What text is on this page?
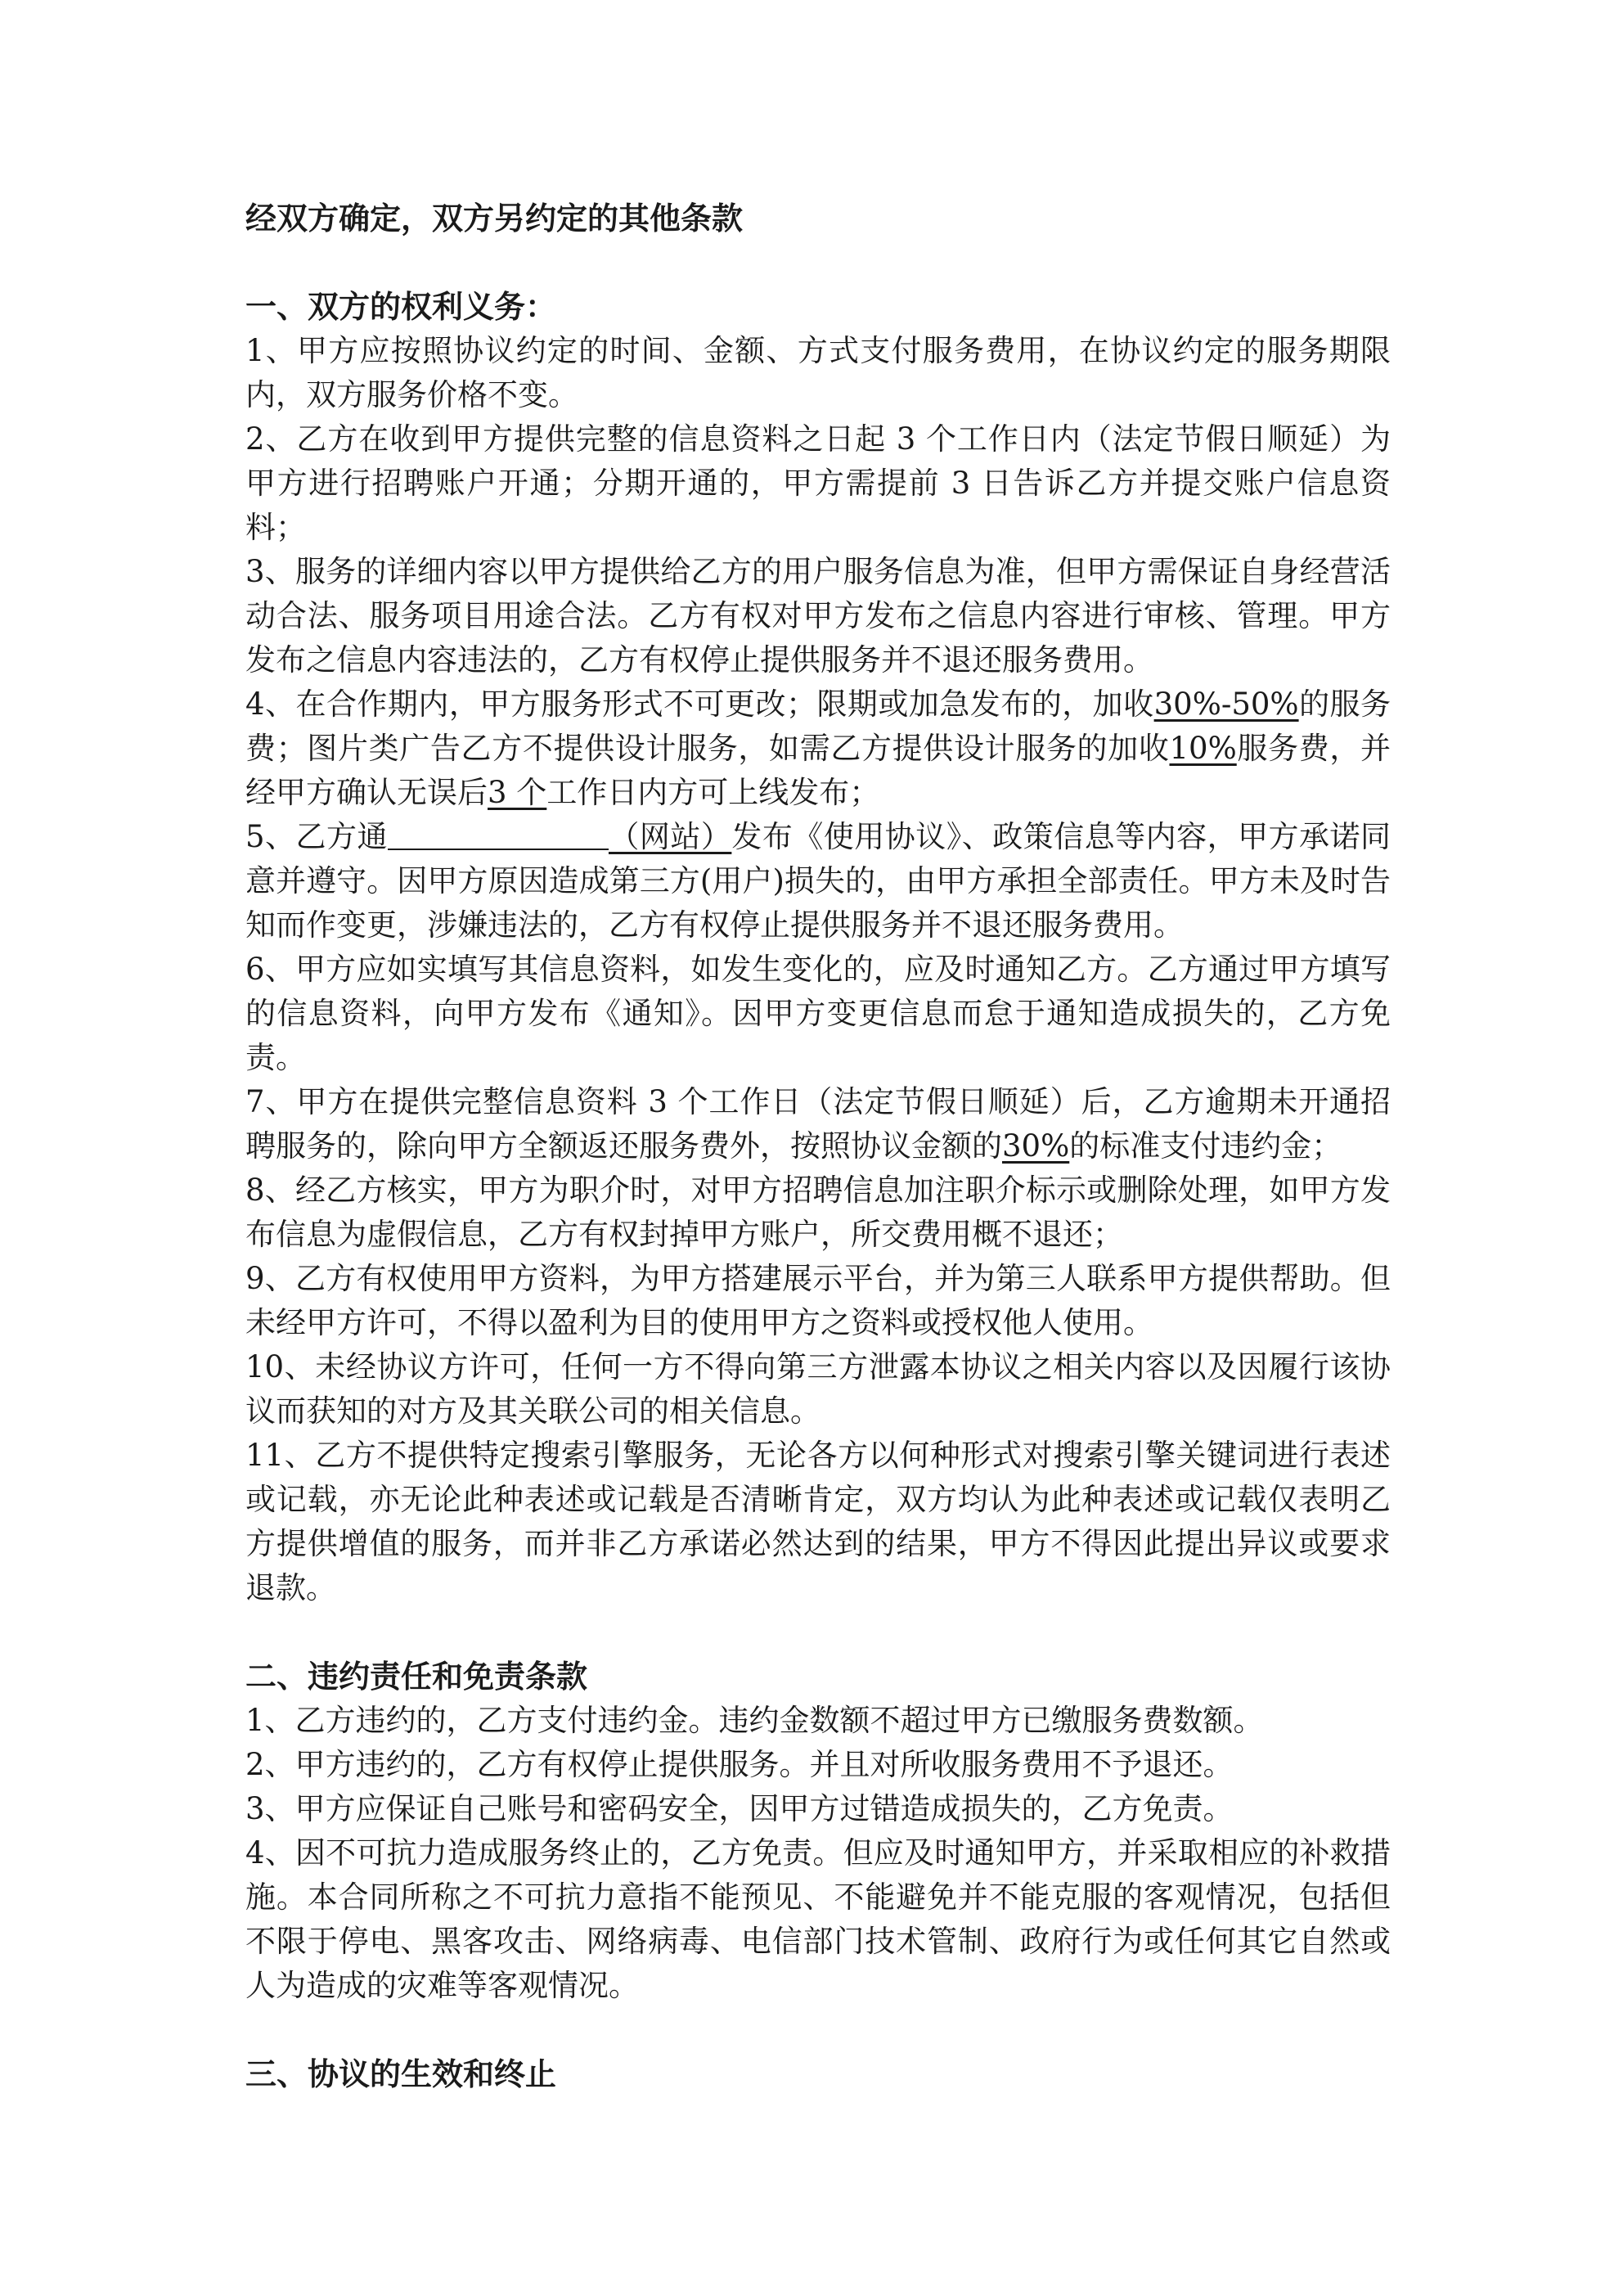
经双方确定，双方另约定的其他条款
一、双方的权利义务：

1、甲方应按照协议约定的时间、金额、方式支付服务费用，在协议约定的服务期限内，双方服务价格不变。

2、乙方在收到甲方提供完整的信息资料之日起 3 个工作日内（法定节假日顺延）为甲方进行招聘账户开通；分期开通的，甲方需提前 3 日告诉乙方并提交账户信息资料；

3、服务的详细内容以甲方提供给乙方的用户服务信息为准，但甲方需保证自身经营活动合法、服务项目用途合法。乙方有权对甲方发布之信息内容进行审核、管理。甲方发布之信息内容违法的，乙方有权停止提供服务并不退还服务费用。

4、在合作期内，甲方服务形式不可更改；限期或加急发布的，加收30%-50%的服务费；图片类广告乙方不提供设计服务，如需乙方提供设计服务的加收10%服务费，并经甲方确认无误后3 个工作日内方可上线发布；

5、乙方通	（网站）发布《使用协议》、政策信息等内容，甲方承诺同意并遵守。因甲方原因造成第三方(用户)损失的，由甲方承担全部责任。甲方未及时告知而作变更，涉嫌违法的，乙方有权停止提供服务并不退还服务费用。

6、甲方应如实填写其信息资料，如发生变化的，应及时通知乙方。乙方通过甲方填写的信息资料，向甲方发布《通知》。因甲方变更信息而怠于通知造成损失的，乙方免责。

7、甲方在提供完整信息资料 3 个工作日（法定节假日顺延）后，乙方逾期未开通招聘服务的，除向甲方全额返还服务费外，按照协议金额的30%的标准支付违约金；

8、经乙方核实，甲方为职介时，对甲方招聘信息加注职介标示或删除处理，如甲方发布信息为虚假信息，乙方有权封掉甲方账户，所交费用概不退还；

9、乙方有权使用甲方资料，为甲方搭建展示平台，并为第三人联系甲方提供帮助。但未经甲方许可，不得以盈利为目的使用甲方之资料或授权他人使用。

10、未经协议方许可，任何一方不得向第三方泄露本协议之相关内容以及因履行该协议而获知的对方及其关联公司的相关信息。

11、乙方不提供特定搜索引擎服务，无论各方以何种形式对搜索引擎关键词进行表述或记载，亦无论此种表述或记载是否清晰肯定，双方均认为此种表述或记载仅表明乙方提供增值的服务，而并非乙方承诺必然达到的结果，甲方不得因此提出异议或要求退款。

二、违约责任和免责条款

1、乙方违约的，乙方支付违约金。违约金数额不超过甲方已缴服务费数额。

2、甲方违约的，乙方有权停止提供服务。并且对所收服务费用不予退还。

3、甲方应保证自己账号和密码安全，因甲方过错造成损失的，乙方免责。

4、因不可抗力造成服务终止的，乙方免责。但应及时通知甲方，并采取相应的补救措施。本合同所称之不可抗力意指不能预见、不能避免并不能克服的客观情况，包括但不限于停电、黑客攻击、网络病毒、电信部门技术管制、政府行为或任何其它自然或人为造成的灾难等客观情况。

三、协议的生效和终止
